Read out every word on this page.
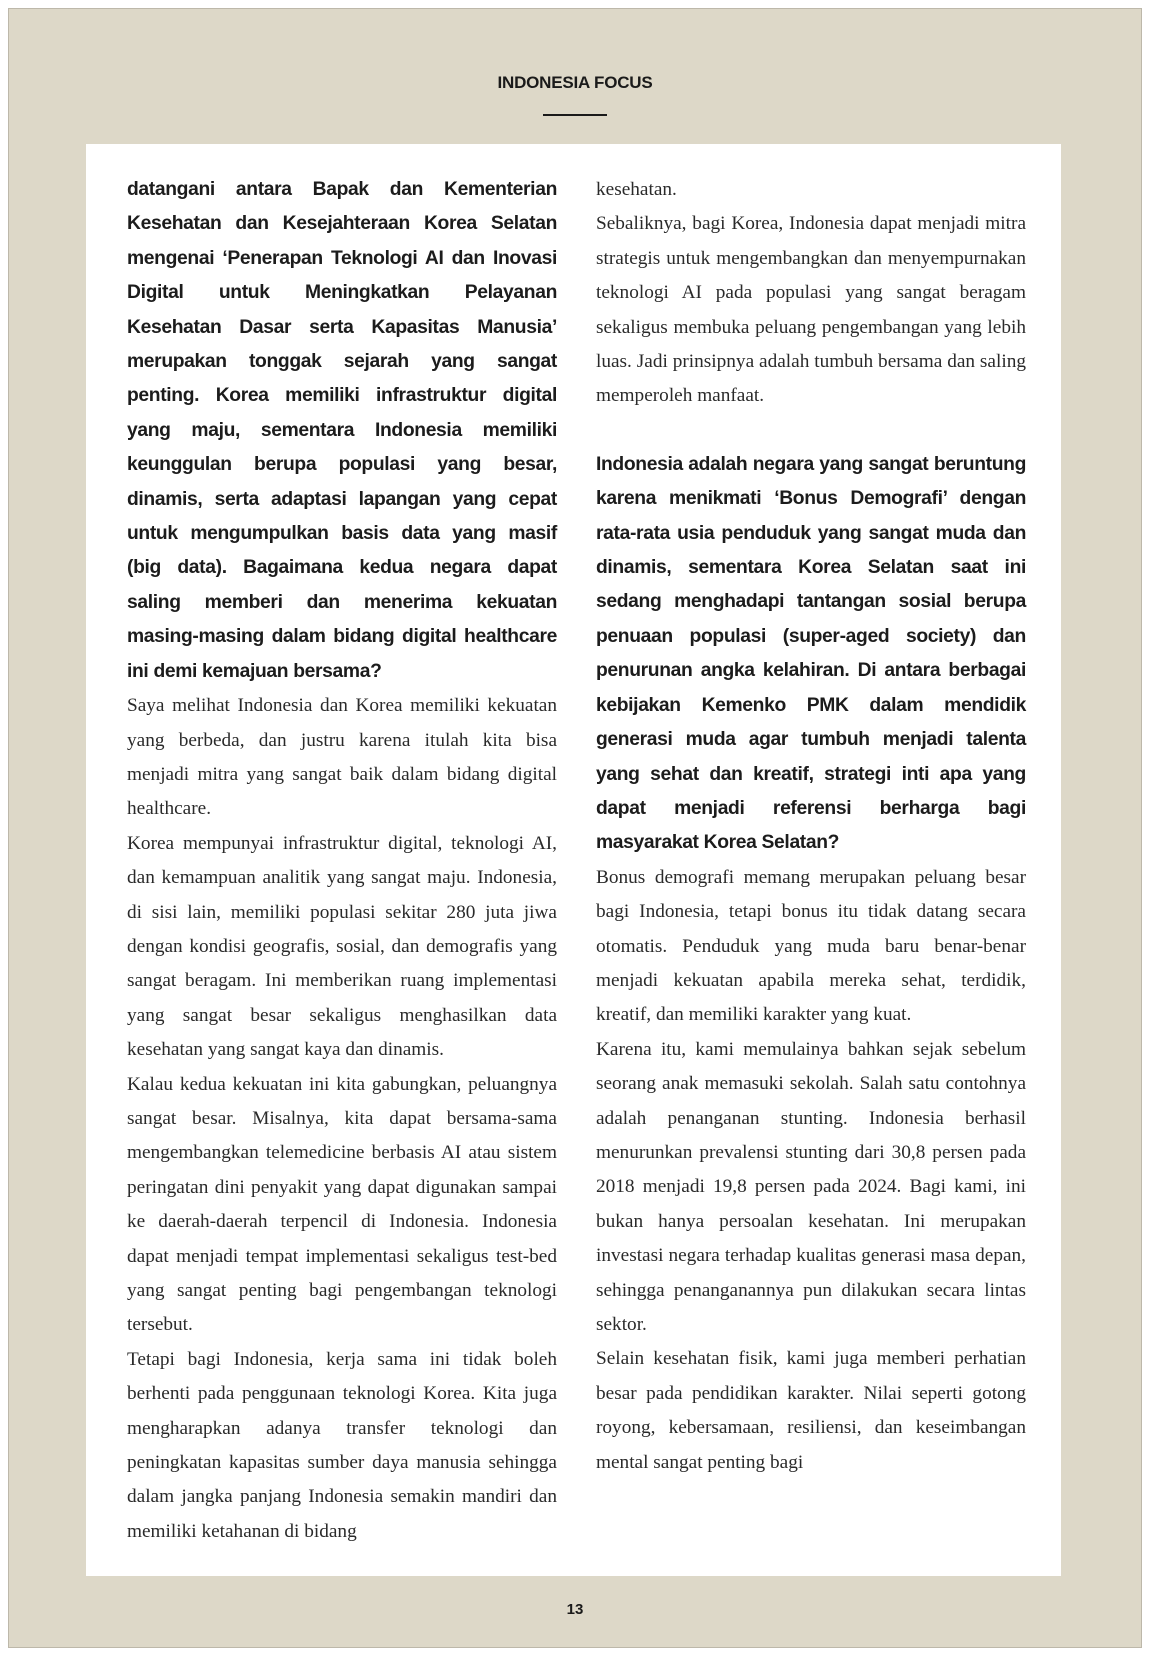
INDONESIA FOCUS

datangani antara Bapak dan Kementerian Kesehatan dan Kesejahteraan Korea Selatan mengenai ‘Penerapan Teknologi AI dan Inovasi Digital untuk Meningkatkan Pelayanan Kesehatan Dasar serta Kapasitas Manusia’ merupakan tonggak sejarah yang sangat penting. Korea memiliki infrastruktur digital yang maju, sementara Indonesia memiliki keunggulan berupa populasi yang besar, dinamis, serta adaptasi lapangan yang cepat untuk mengumpulkan basis data yang masif (big data). Bagaimana kedua negara dapat saling memberi dan menerima kekuatan masing-masing dalam bidang digital healthcare ini demi kemajuan bersama?

Saya melihat Indonesia dan Korea memiliki kekuatan yang berbeda, dan justru karena itulah kita bisa menjadi mitra yang sangat baik dalam bidang digital healthcare.

Korea mempunyai infrastruktur digital, teknologi AI, dan kemampuan analitik yang sangat maju. Indonesia, di sisi lain, memiliki populasi sekitar 280 juta jiwa dengan kondisi geografis, sosial, dan demografis yang sangat beragam. Ini memberikan ruang implementasi yang sangat besar sekaligus menghasilkan data kesehatan yang sangat kaya dan dinamis.

Kalau kedua kekuatan ini kita gabungkan, peluangnya sangat besar. Misalnya, kita dapat bersama-sama mengembangkan telemedicine berbasis AI atau sistem peringatan dini penyakit yang dapat digunakan sampai ke daerah-daerah terpencil di Indonesia. Indonesia dapat menjadi tempat implementasi sekaligus test-bed yang sangat penting bagi pengembangan teknologi tersebut.

Tetapi bagi Indonesia, kerja sama ini tidak boleh berhenti pada penggunaan teknologi Korea. Kita juga mengharapkan adanya transfer teknologi dan peningkatan kapasitas sumber daya manusia sehingga dalam jangka panjang Indonesia semakin mandiri dan memiliki ketahanan di bidang

kesehatan.

Sebaliknya, bagi Korea, Indonesia dapat menjadi mitra strategis untuk mengembangkan dan menyempurnakan teknologi AI pada populasi yang sangat beragam sekaligus membuka peluang pengembangan yang lebih luas. Jadi prinsipnya adalah tumbuh bersama dan saling memperoleh manfaat.

Indonesia adalah negara yang sangat beruntung karena menikmati ‘Bonus Demografi’ dengan rata-rata usia penduduk yang sangat muda dan dinamis, sementara Korea Selatan saat ini sedang menghadapi tantangan sosial berupa penuaan populasi (super-aged society) dan penurunan angka kelahiran. Di antara berbagai kebijakan Kemenko PMK dalam mendidik generasi muda agar tumbuh menjadi talenta yang sehat dan kreatif, strategi inti apa yang dapat menjadi referensi berharga bagi masyarakat Korea Selatan?

Bonus demografi memang merupakan peluang besar bagi Indonesia, tetapi bonus itu tidak datang secara otomatis. Penduduk yang muda baru benar-benar menjadi kekuatan apabila mereka sehat, terdidik, kreatif, dan memiliki karakter yang kuat.

Karena itu, kami memulainya bahkan sejak sebelum seorang anak memasuki sekolah. Salah satu contohnya adalah penanganan stunting. Indonesia berhasil menurunkan prevalensi stunting dari 30,8 persen pada 2018 menjadi 19,8 persen pada 2024. Bagi kami, ini bukan hanya persoalan kesehatan. Ini merupakan investasi negara terhadap kualitas generasi masa depan, sehingga penanganannya pun dilakukan secara lintas sektor.

Selain kesehatan fisik, kami juga memberi perhatian besar pada pendidikan karakter. Nilai seperti gotong royong, kebersamaan, resiliensi, dan keseimbangan mental sangat penting bagi

13
